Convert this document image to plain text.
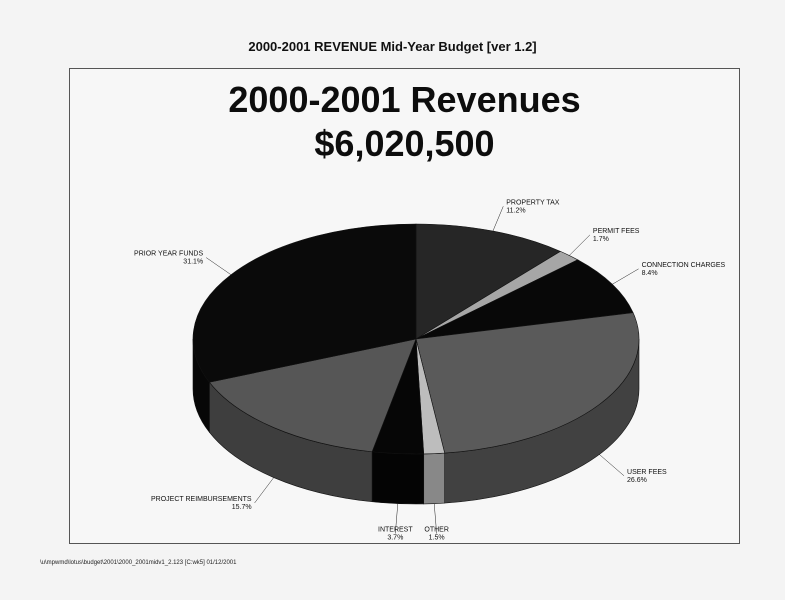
2000-2001 REVENUE Mid-Year Budget [ver 1.2]
2000-2001 Revenues
$6,020,500
PROPERTY TAX
11.2%
PERMIT FEES
1.7%
CONNECTION CHARGES
8.4%
USER FEES
26.6%
OTHER
1.5%
INTEREST
3.7%
PROJECT REIMBURSEMENTS
15.7%
PRIOR YEAR FUNDS
31.1%
\u\mpwmd\lotus\budget\2001\2000_2001midv1_2.123 [C:wk5] 01/12/2001
